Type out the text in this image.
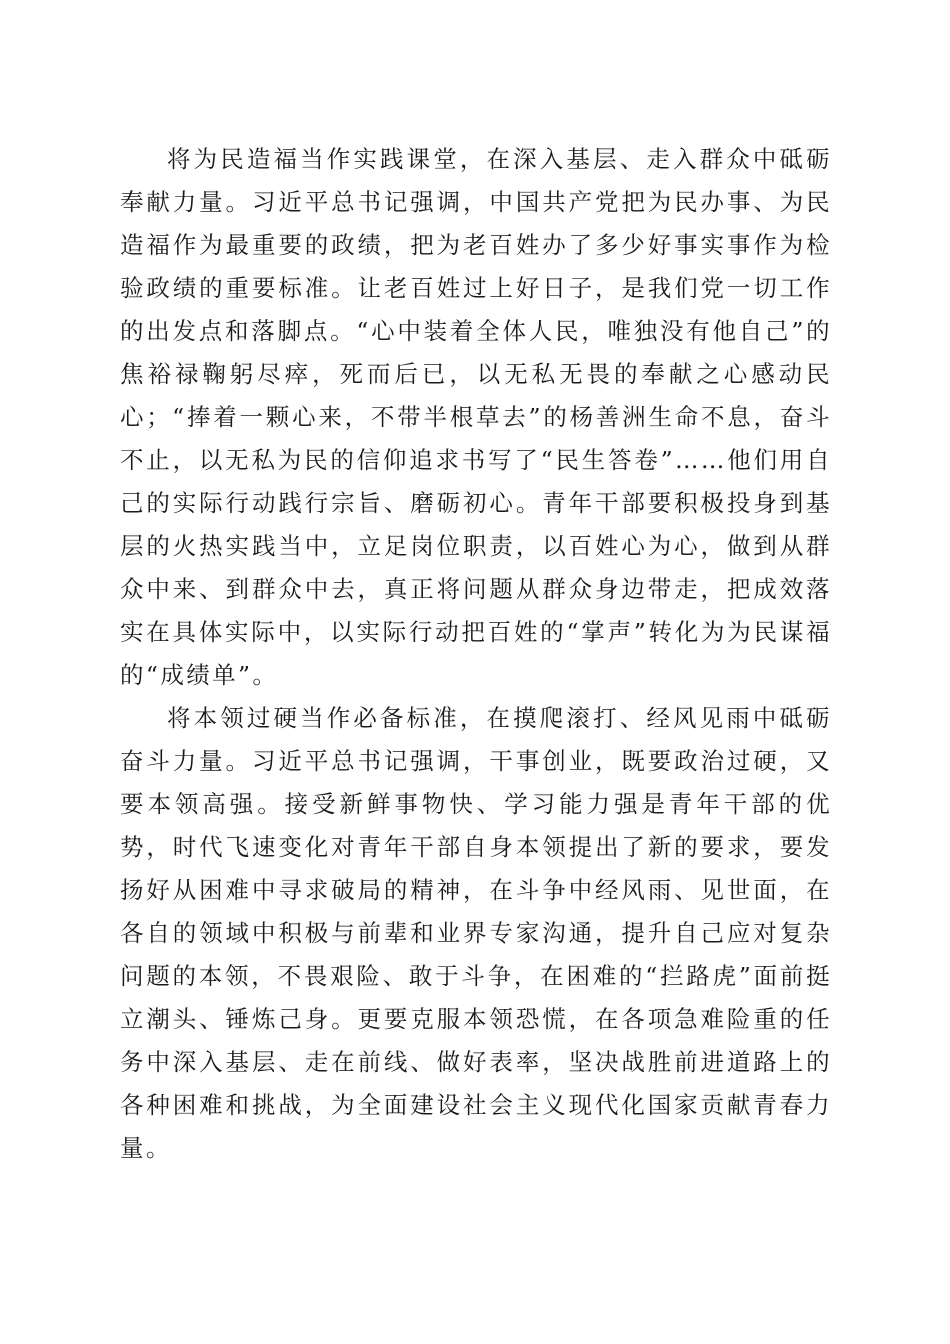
将为民造福当作实践课堂，在深入基层、走入群众中砥砺奉献力量。习近平总书记强调，中国共产党把为民办事、为民造福作为最重要的政绩，把为老百姓办了多少好事实事作为检验政绩的重要标准。让老百姓过上好日子，是我们党一切工作的出发点和落脚点。“心中装着全体人民，唯独没有他自己”的焦裕禄鞠躬尽瘁，死而后已，以无私无畏的奉献之心感动民心；“捧着一颗心来，不带半根草去”的杨善洲生命不息，奋斗不止，以无私为民的信仰追求书写了“民生答卷”……他们用自己的实际行动践行宗旨、磨砺初心。青年干部要积极投身到基层的火热实践当中，立足岗位职责，以百姓心为心，做到从群众中来、到群众中去，真正将问题从群众身边带走，把成效落实在具体实际中，以实际行动把百姓的“掌声”转化为为民谋福的“成绩单”。

将本领过硬当作必备标准，在摸爬滚打、经风见雨中砥砺奋斗力量。习近平总书记强调，干事创业，既要政治过硬，又要本领高强。接受新鲜事物快、学习能力强是青年干部的优势，时代飞速变化对青年干部自身本领提出了新的要求，要发扬好从困难中寻求破局的精神，在斗争中经风雨、见世面，在各自的领域中积极与前辈和业界专家沟通，提升自己应对复杂问题的本领，不畏艰险、敢于斗争，在困难的“拦路虎”面前挺立潮头、锤炼己身。更要克服本领恐慌，在各项急难险重的任务中深入基层、走在前线、做好表率，坚决战胜前进道路上的各种困难和挑战，为全面建设社会主义现代化国家贡献青春力量。
